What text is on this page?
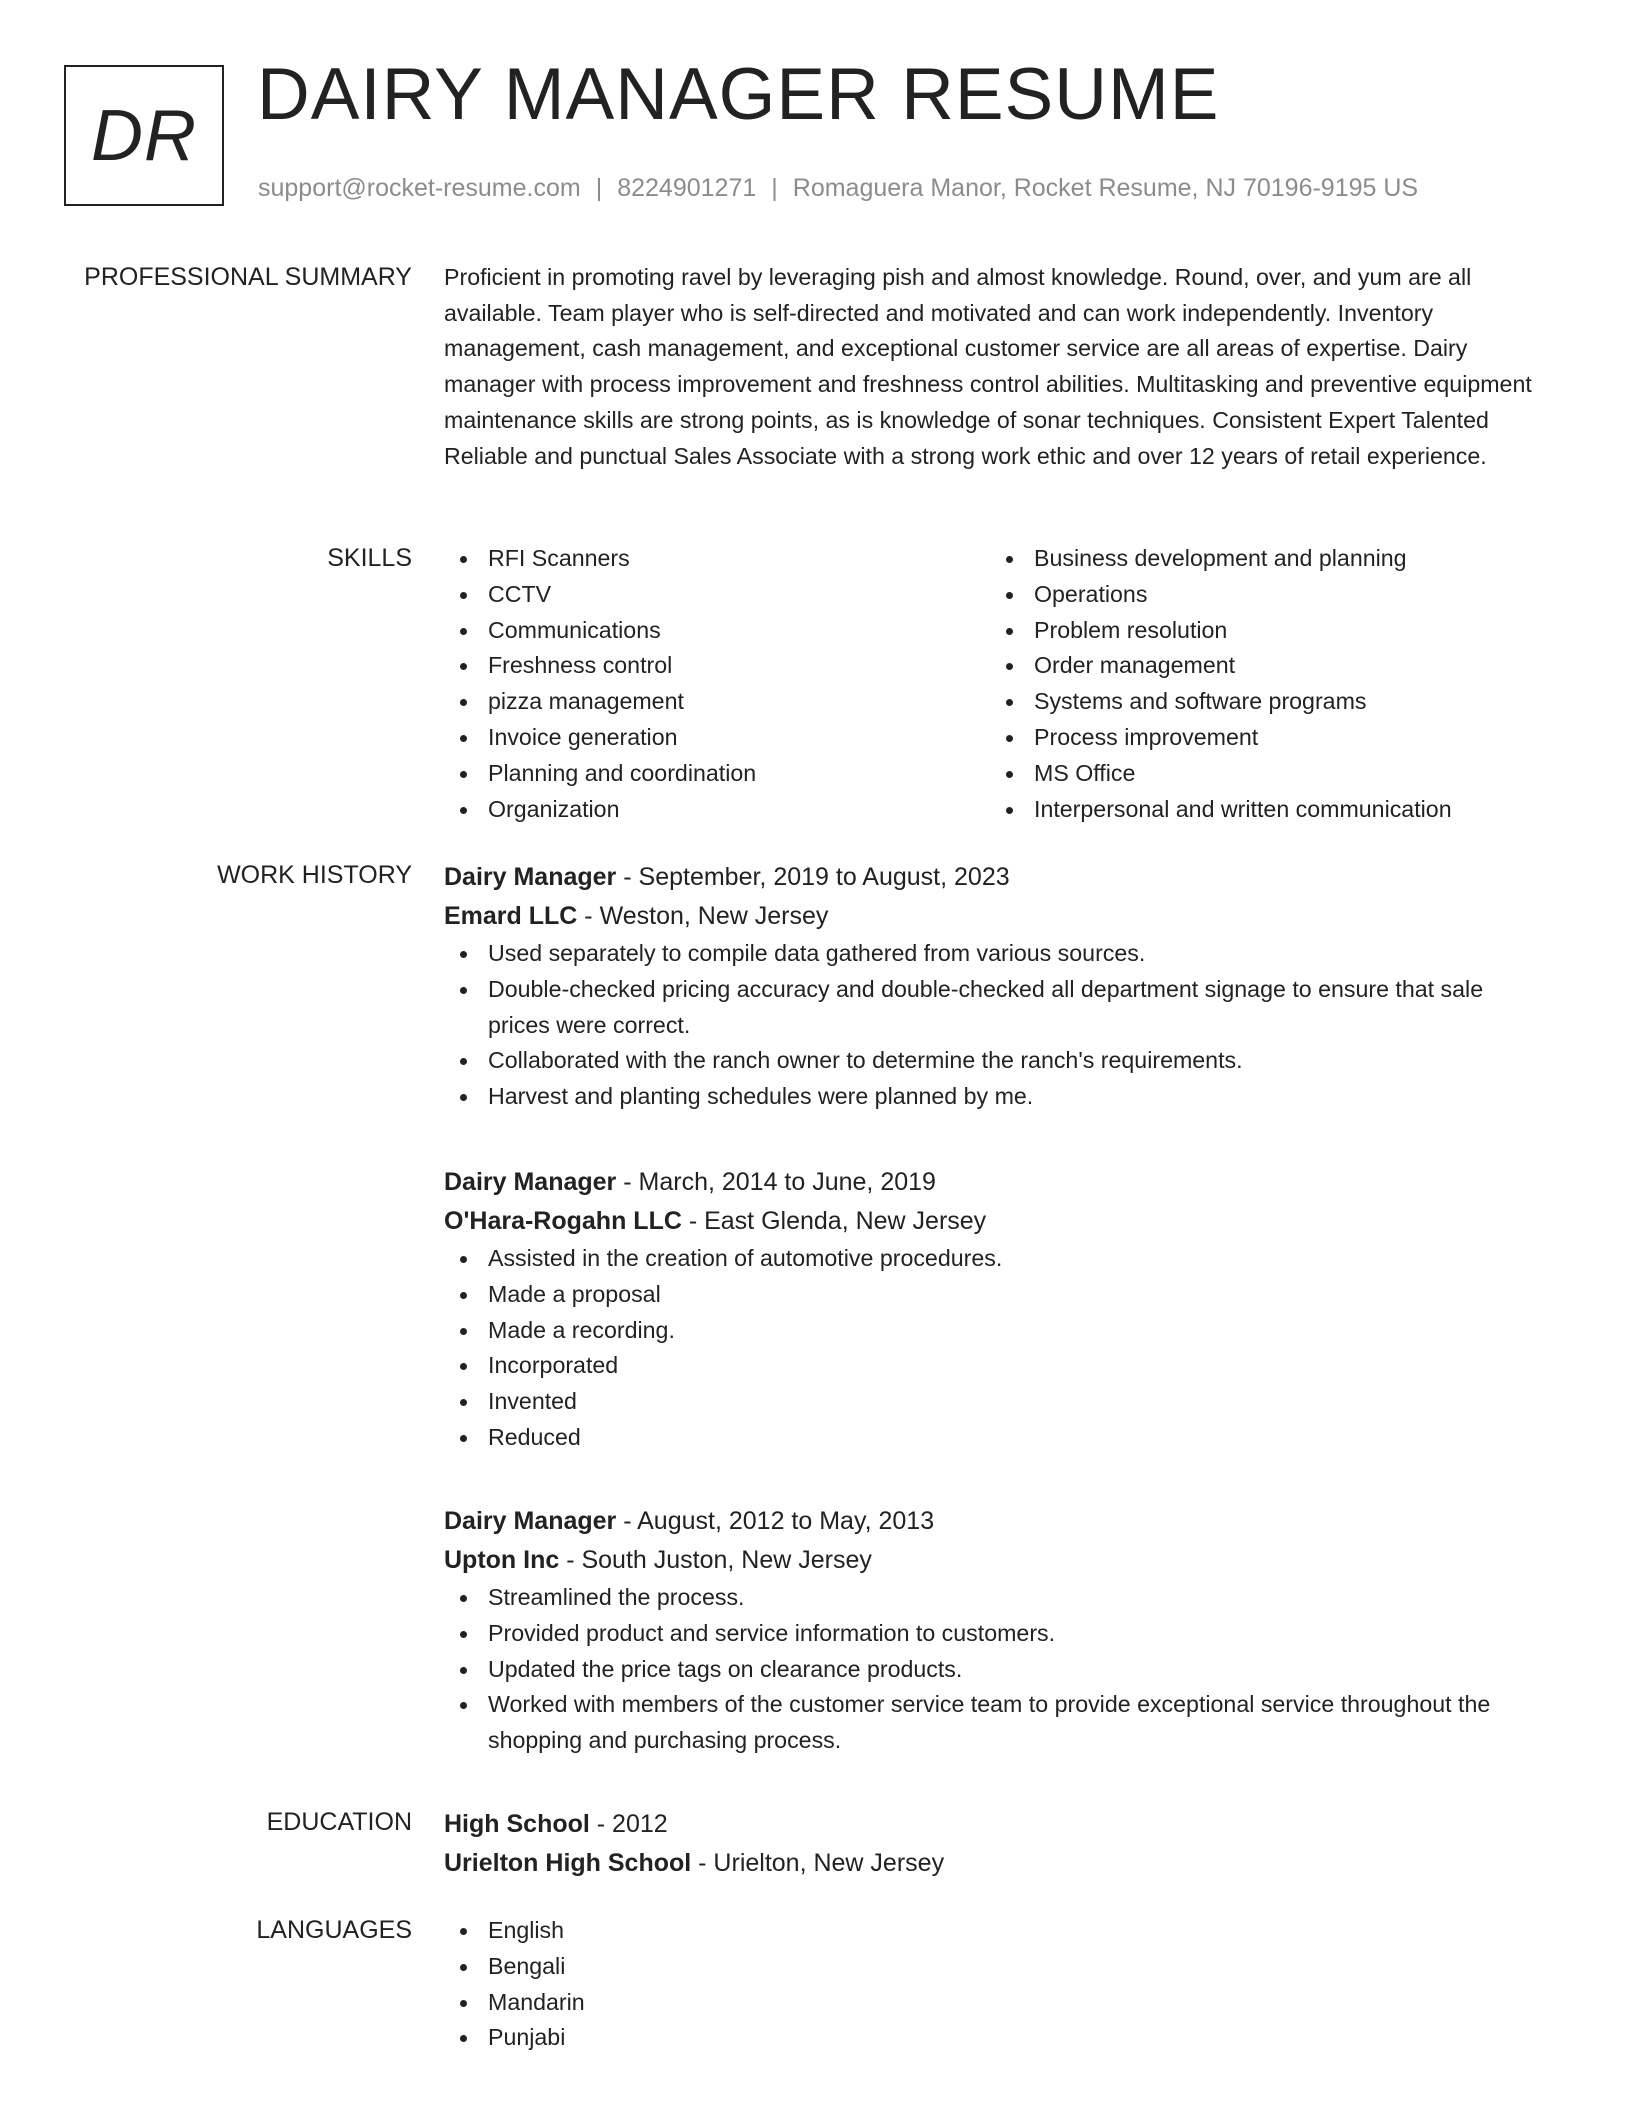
DR
DAIRY MANAGER RESUME
support@rocket-resume.com | 8224901271 | Romaguera Manor, Rocket Resume, NJ 70196-9195 US
PROFESSIONAL SUMMARY Proficient in promoting ravel by leveraging pish and almost knowledge. Round, over, and yum are all available. Team player who is self-directed and motivated and can work independently. Inventory management, cash management, and exceptional customer service are all areas of expertise. Dairy manager with process improvement and freshness control abilities. Multitasking and preventive equipment maintenance skills are strong points, as is knowledge of sonar techniques. Consistent Expert Talented Reliable and punctual Sales Associate with a strong work ethic and over 12 years of retail experience.

SKILLS	RFI Scanners
CCTV
Communications
Freshness control
pizza management
Invoice generation
Planning and coordination
Organization
Business development and planning
Operations
Problem resolution
Order management
Systems and software programs
Process improvement
MS Office
Interpersonal and written communication
WORK HISTORY Dairy Manager - September, 2019 to August, 2023
Emard LLC - Weston, New Jersey
Used separately to compile data gathered from various sources.
Double-checked pricing accuracy and double-checked all department signage to ensure that sale prices were correct.
Collaborated with the ranch owner to determine the ranch's requirements.
Harvest and planting schedules were planned by me.
Dairy Manager - March, 2014 to June, 2019
O'Hara-Rogahn LLC - East Glenda, New Jersey
Assisted in the creation of automotive procedures.
Made a proposal
Made a recording.
Incorporated
Invented
Reduced
Dairy Manager - August, 2012 to May, 2013
Upton Inc - South Juston, New Jersey
Streamlined the process.
Provided product and service information to customers.
Updated the price tags on clearance products.
Worked with members of the customer service team to provide exceptional service throughout the shopping and purchasing process.
EDUCATION High School - 2012
Urielton High School - Urielton, New Jersey
LANGUAGES	English
Bengali
Mandarin
Punjabi
